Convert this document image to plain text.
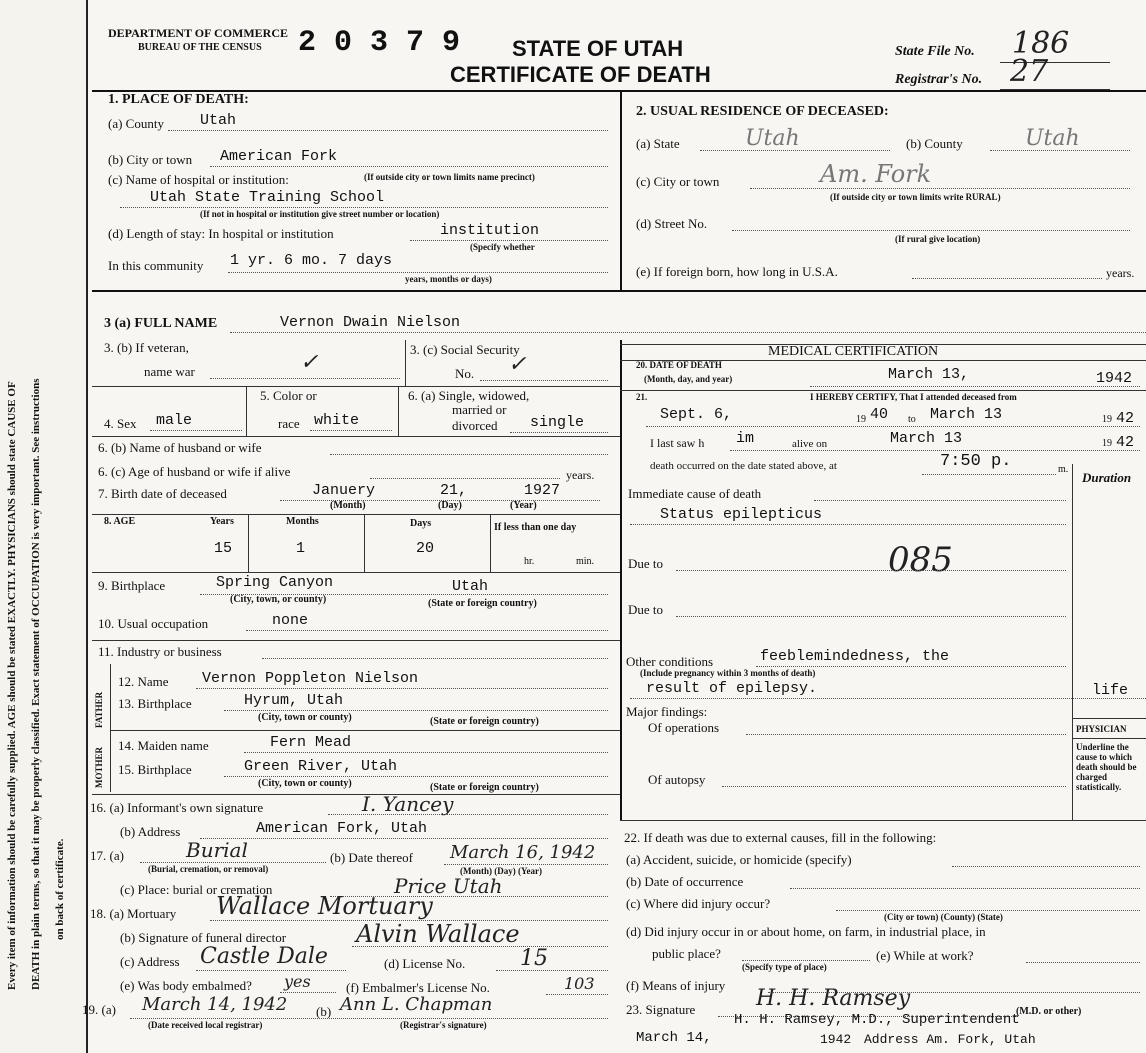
Every item of information should be carefully supplied. AGE should be stated EXACTLY. PHYSICIANS should state CAUSE OF DEATH in plain terms, so that it may be properly classified. Exact statement of OCCUPATION is very important. See instructions on back of certificate.
DEPARTMENT OF COMMERCE
BUREAU OF THE CENSUS 20379 STATE OF UTAH
CERTIFICATE OF DEATH
State File No. 186
Registrar's No. 27
1. PLACE OF DEATH:
(a) County Utah
(b) City or town American Fork
(c) Name of hospital or institution:	(If outside city or town limits name precinct)
Utah State Training School
(If not in hospital or institution give street number or location)
(d) Length of stay: In hospital or institution	institution
(Specify whether
In this community 1 yr. 6 mo. 7 days
years, months or days)
2. USUAL RESIDENCE OF DECEASED:
(a) State	Utah	(b) County	Utah
(c) City or town	Am. Fork
(If outside city or town limits write RURAL)
(d) Street No.
(If rural give location)
(e) If foreign born, how long in U.S.A.	years.
3 (a) FULL NAME	Vernon Dwain Nielson
3. (b) If veteran,
name war	✓
3. (c) Social Security
No. ✓
4. Sex male
5. Color or
race white
6. (a) Single, widowed,
married or
divorced single
6. (b) Name of husband or wife
6. (c) Age of husband or wife if alive	years.
7. Birth date of deceased	Januery	21,	1927
(Month)	(Day)	(Year)
8. AGE	Years	Months	Days	If less than one day
15	1	20
hr.	min.
9. Birthplace	Spring Canyon	Utah
(City, town, or county)	(State or foreign country)
10. Usual occupation	none
11. Industry or business
FATHER
MOTHER
12. Name Vernon Poppleton Nielson
13. Birthplace	Hyrum, Utah
(City, town or county)	(State or foreign country)
14. Maiden name	Fern Mead
15. Birthplace	Green River, Utah
(City, town or county)	(State or foreign country)
16. (a) Informant's own signature	I. Yancey
(b) Address	American Fork, Utah
17. (a)	Burial
(Burial, cremation, or removal)
(b) Date thereof March 16, 1942
(Month) (Day) (Year)
(c) Place: burial or cremation	Price Utah
18. (a) Mortuary Wallace Mortuary
(b) Signature of funeral director	Alvin Wallace
(c) Address Castle Dale	(d) License No. 15
(e) Was body embalmed? yes	(f) Embalmer's License No.	103
19. (a) March 14, 1942 (b) Ann L. Chapman
(Date received local registrar)	(Registrar's signature)
MEDICAL CERTIFICATION
20. DATE OF DEATH
(Month, day, and year)	March 13,	1942
21.	I HEREBY CERTIFY, That I attended deceased from
Sept. 6,	19 40 to March 13	19 42
I last saw h im	alive on	March 13	19 42
death occurred on the date stated above, at	7:50 p.	m.
Duration
Immediate cause of death
Status epilepticus
Due to	085
Due to
Other conditions	feeblemindedness, the
(Include pregnancy within 3 months of death)
result of epilepsy.	life
Major findings:
Of operations	PHYSICIAN
Underline the cause to which death should be charged statistically.
Of autopsy
22. If death was due to external causes, fill in the following:
(a) Accident, suicide, or homicide (specify)
(b) Date of occurrence
(c) Where did injury occur?
(City or town) (County) (State)
(d) Did injury occur in or about home, on farm, in industrial place, in
public place?
(Specify type of place)
(e) While at work?
(f) Means of injury
23. Signature	H. H. Ramsey
(M.D. or other)
H. H. Ramsey, M.D., Superintendent
March 14,	1942 Address Am. Fork, Utah
